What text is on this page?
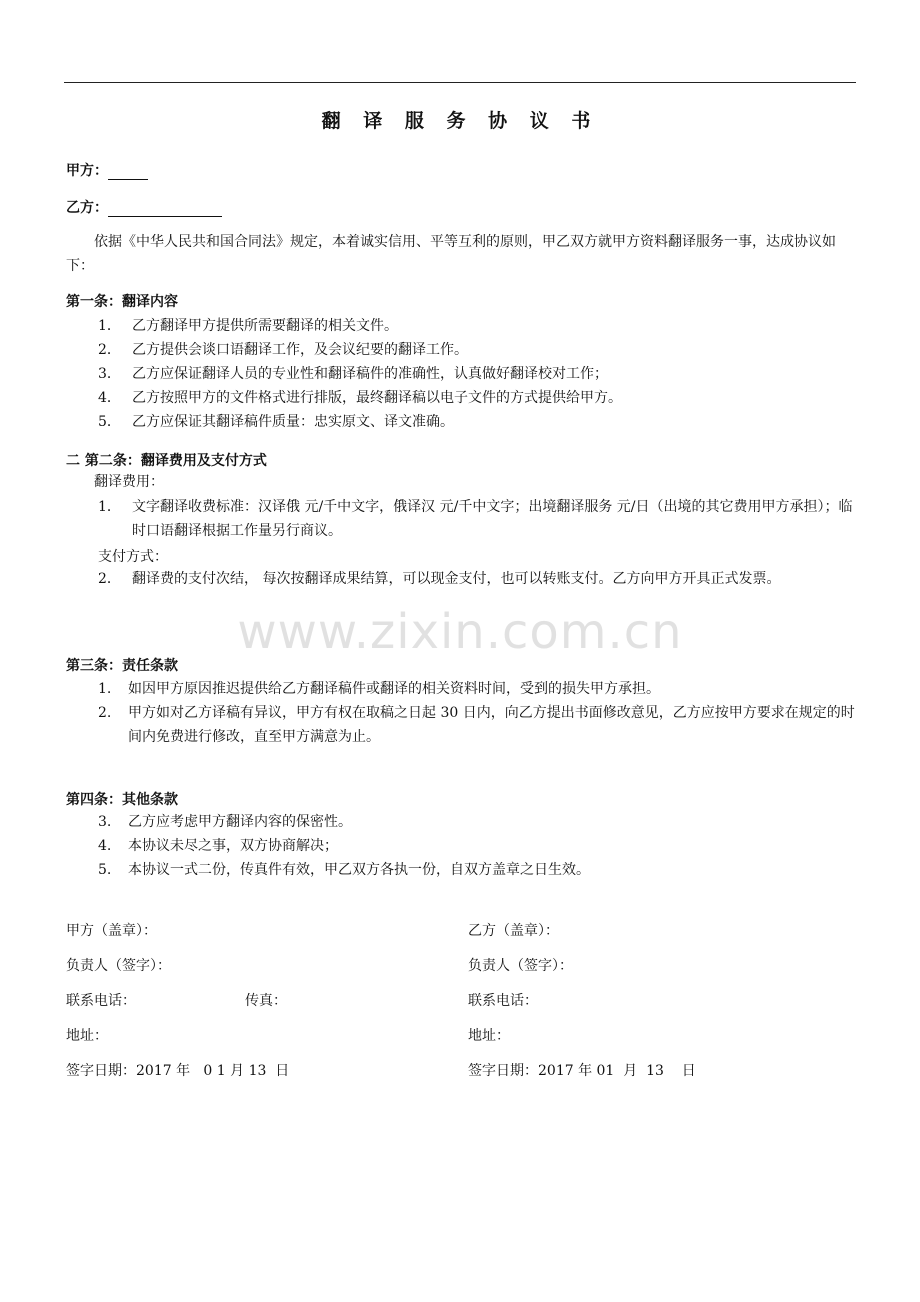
翻 译 服 务 协 议 书
甲方：
乙方：
依据《中华人民共和国合同法》规定，本着诚实信用、平等互利的原则，甲乙双方就甲方资料翻译服务一事，达成协议如下：
第一条：翻译内容
1． 乙方翻译甲方提供所需要翻译的相关文件。
2． 乙方提供会谈口语翻译工作，及会议纪要的翻译工作。
3． 乙方应保证翻译人员的专业性和翻译稿件的准确性，认真做好翻译校对工作；
4． 乙方按照甲方的文件格式进行排版，最终翻译稿以电子文件的方式提供给甲方。
5． 乙方应保证其翻译稿件质量：忠实原文、译文准确。
二 第二条：翻译费用及支付方式
翻译费用：
1． 文字翻译收费标准：汉译俄 元/千中文字，俄译汉 元/千中文字；出境翻译服务 元/日（出境的其它费用甲方承担）；临时口语翻译根据工作量另行商议。
支付方式：
2． 翻译费的支付次结， 每次按翻译成果结算，可以现金支付，也可以转账支付。乙方向甲方开具正式发票。
www.zixin.com.cn
第三条：责任条款
1. 如因甲方原因推迟提供给乙方翻译稿件或翻译的相关资料时间，受到的损失甲方承担。
2. 甲方如对乙方译稿有异议，甲方有权在取稿之日起 30 日内，向乙方提出书面修改意见，乙方应按甲方要求在规定的时间内免费进行修改，直至甲方满意为止。
第四条：其他条款
3. 乙方应考虑甲方翻译内容的保密性。
4. 本协议未尽之事，双方协商解决；
5. 本协议一式二份，传真件有效，甲乙双方各执一份，自双方盖章之日生效。
甲方（盖章）：
负责人（签字）：
联系电话：	传真：
地址：
签字日期：2017 年   0 1 月 13  日
乙方（盖章）：
负责人（签字）：
联系电话：
地址：
签字日期：2017 年 01  月  13    日
